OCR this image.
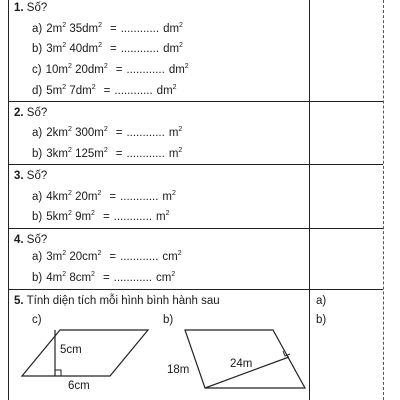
1. Số?
a) $2m^2$ $35dm^2$ = ............ $dm^2$
b) $3m^2$ $40dm^2$ = ............ $dm^2$
c) $10m^2$ $20dm^2$ = ............ $dm^2$
d) $5m^2$ $7dm^2$ = ............ $dm^2$
2. Số?
a) $2km^2$ $300m^2$ = ............ $m^2$
b) $3km^2$ $125m^2$ = ............ $m^2$
3. Số?
a) $4km^2$ $20m^2$ = ............ $m^2$
b) $5km^2$ $9m^2$ = ............ $m^2$
4. Số?
a) $3m^2$ $20cm^2$ = ............ $cm^2$
b) $4m^2$ $8cm^2$ = ............ $cm^2$
5. Tính diện tích mỗi hình bình hành sau	a)
b)
c)	b)
5cm
6cm
18m	24m
